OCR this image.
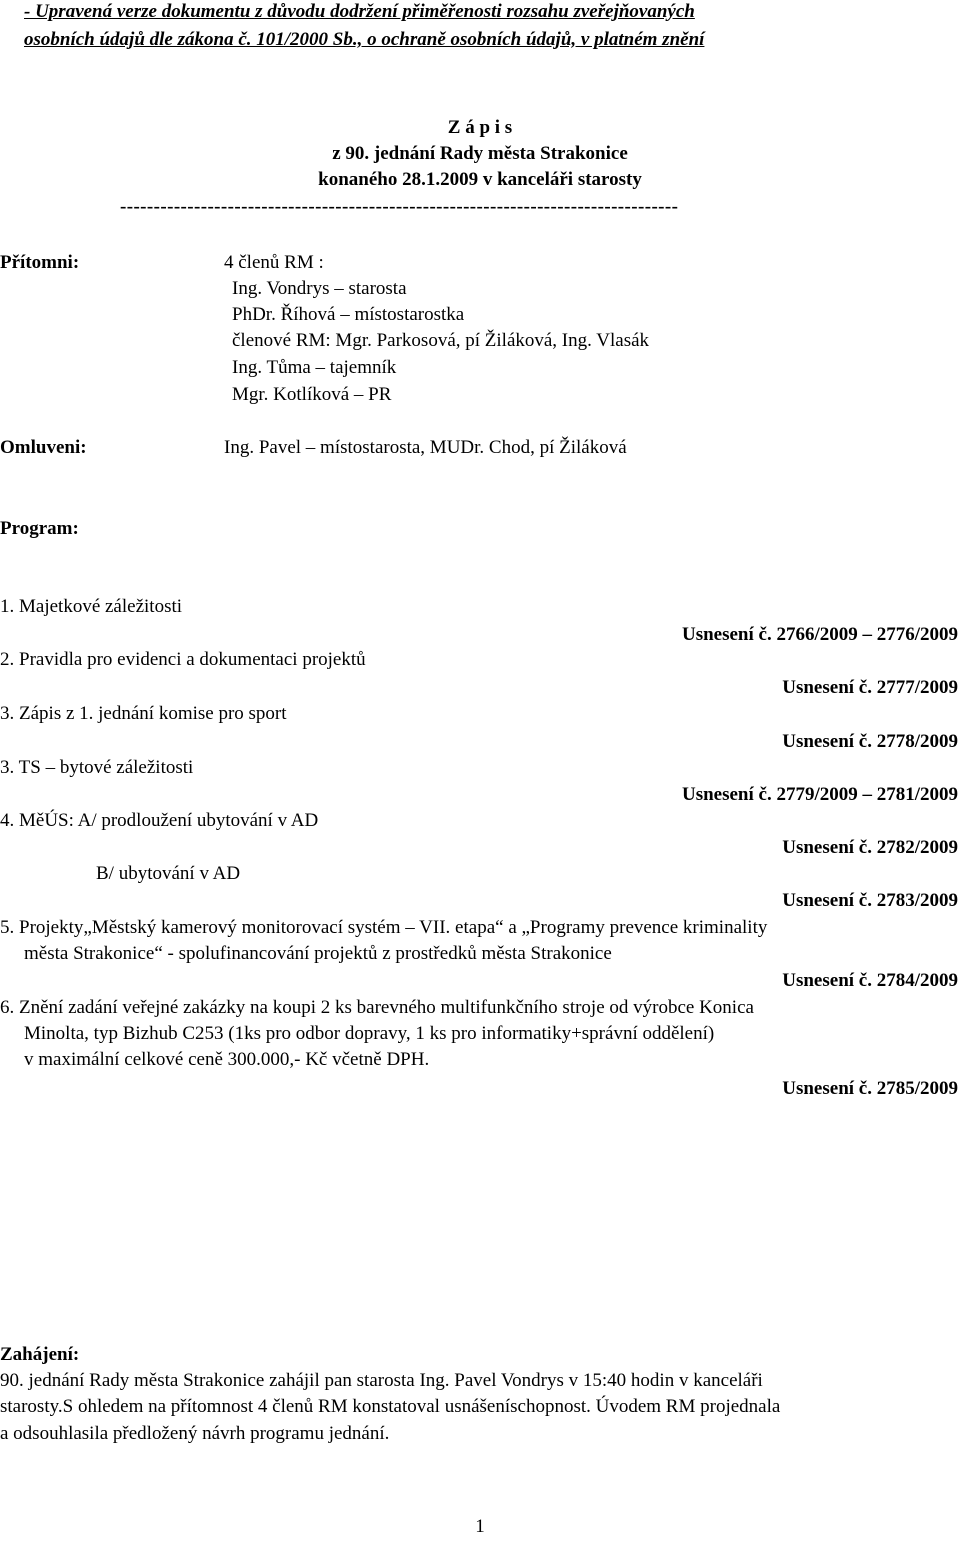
- Upravená verze dokumentu z důvodu dodržení přiměřenosti rozsahu zveřejňovaných
osobních údajů dle zákona č. 101/2000 Sb., o ochraně osobních údajů, v platném znění
Z á p i s
z 90. jednání Rady města Strakonice
konaného 28.1.2009 v kanceláři starosty
-----------------------------------------------------------------------------------
Přítomni:	4 členů RM :
Ing. Vondrys – starosta
PhDr. Říhová – místostarostka
členové RM: Mgr. Parkosová, pí Žiláková, Ing. Vlasák
Ing. Tůma – tajemník
Mgr. Kotlíková – PR
Omluveni:	Ing. Pavel – místostarosta, MUDr. Chod, pí Žiláková
Program:
1. Majetkové záležitosti
Usnesení č. 2766/2009 – 2776/2009
2. Pravidla pro evidenci a dokumentaci projektů
Usnesení č. 2777/2009
3. Zápis z 1. jednání komise pro sport
Usnesení č. 2778/2009
3. TS – bytové záležitosti
Usnesení č. 2779/2009 – 2781/2009
4. MěÚS: A/ prodloužení ubytování v AD
Usnesení č. 2782/2009
B/ ubytování v AD
Usnesení č. 2783/2009
5. Projekty„Městský kamerový monitorovací systém – VII. etapa“ a „Programy prevence kriminality
města Strakonice“ - spolufinancování projektů z prostředků města Strakonice
Usnesení č. 2784/2009
6. Znění zadání veřejné zakázky na koupi 2 ks barevného multifunkčního stroje od výrobce Konica
Minolta, typ Bizhub C253 (1ks pro odbor dopravy, 1 ks pro informatiky+správní oddělení)
v maximální celkové ceně 300.000,- Kč včetně DPH.
Usnesení č. 2785/2009
Zahájení:
90. jednání Rady města Strakonice zahájil pan starosta Ing. Pavel Vondrys v 15:40 hodin v kanceláři
starosty.S ohledem na přítomnost 4 členů RM konstatoval usnášeníschopnost. Úvodem RM projednala
a odsouhlasila předložený návrh programu jednání.
1
